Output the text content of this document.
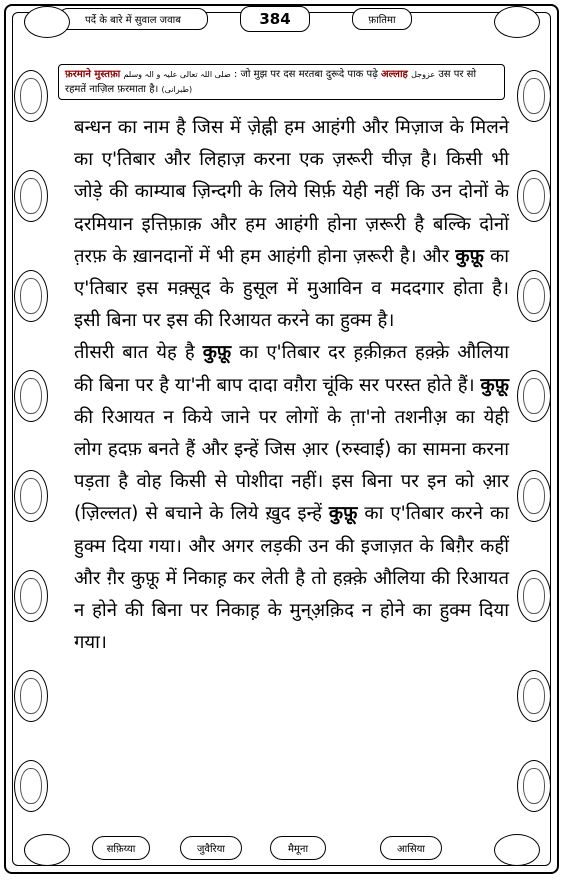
पर्दे के बारे में सुवाल जवाब	384	फ़ातिमा
फ़रमाने मुस्तफ़ा صلی اللہ تعالی علیہ و الہ وسلم : जो मुझ पर दस मरतबा दुरूदे पाक पढ़े अल्लाह عزوجل उस पर सो रहमतें नाज़िल फ़रमाता है। (طبرانی)

बन्धन का नाम है जिस में ज़ेह्नी हम आहंगी और मिज़ाज के मिलने का ए'तिबार और लिहाज़ करना एक ज़रूरी चीज़ है। किसी भी जोड़े की काम्याब ज़िन्दगी के लिये सिर्फ़ येही नहीं कि उन दोनों के दरमियान इत्तिफ़ाक़ और हम आहंगी होना ज़रूरी है बल्कि दोनों त़रफ़ के ख़ानदानों में भी हम आहंगी होना ज़रूरी है। और कुफ़ू का ए'तिबार इस मक़्सूद के हुसूल में मुआविन व मददगार होता है। इसी बिना पर इस की रिआयत करने का हुक्म है।

तीसरी बात येह है कुफ़ू का ए'तिबार दर ह़क़ीक़त हक़्क़े औलिया की बिना पर है या'नी बाप दादा वग़ैरा चूंकि सर परस्त होते हैं। कुफ़ू की रिआयत न किये जाने पर लोगों के त़ा'नो तशनीअ़ का येही लोग हदफ़ बनते हैं और इन्हें जिस आ़र (रुस्वाई) का सामना करना पड़ता है वोह किसी से पोशीदा नहीं। इस बिना पर इन को आ़र (ज़िल्लत) से बचाने के लिये ख़ुद इन्हें कुफ़ू का ए'तिबार करने का हुक्म दिया गया। और अगर लड़की उन की इजाज़त के बिग़ैर कहीं और ग़ैर कुफ़ू में निकाह़ कर लेती है तो हक़्क़े औलिया की रिआयत न होने की बिना पर निकाह़ के मुन्अ़क़िद न होने का हुक्म दिया गया।

सफ़िय्या	जुवैरिया	मैमूना	आसिया
